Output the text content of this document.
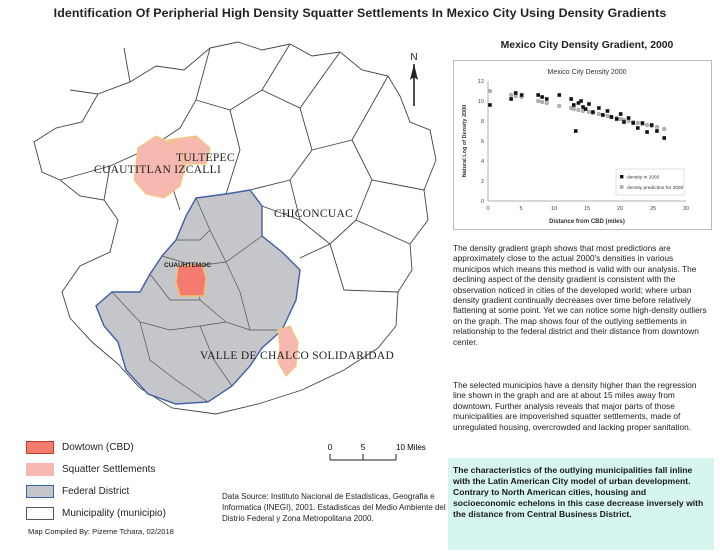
Identification Of Peripherial High Density Squatter Settlements In Mexico City Using Density Gradients
TULTEPEC
CUAUTITLAN IZCALLI
CHICONCUAC
CUAUHTEMOC
VALLE DE CHALCO SOLIDARIDAD
N
0	5	10 Miles
Dowtown (CBD)
Squatter Settlements
Federal District
Municipality (municipio)
Data Source: Instituto Nacional de Estadisticas, Geografia e Informatica (INEGI), 2001. Estadisticas del Medio Ambiente del Distrio Federal y Zona Metropolitana 2000.
Map Compiled By: Pizeme Tchara, 02/2018
Mexico City Density Gradient, 2000
0	5	10	15	20	25	30
0
2
4
6
8
10
12
Mexico City Density 2000
Distance from CBD (miles)
Natural Log of Density 2000
density in 2000
density prediction for 2000
The density gradient graph shows that most predictions are approximately close to the actual 2000's densities in various municipos which means this method is valid with our analysis. The declining aspect of the density gradient is consistent with the observation noticed in cities of the developed world; where urban density gradient continually decreases over time before relatively flattening at some point. Yet we can notice some high-density outliers on the graph. The map shows four of the outlying settlements in relationship to the federal district and their distance from downtown center.
The selected municipios have a density higher than the regression line shown in the graph and are at about 15 miles away from downtown. Further analysis reveals that major parts of those municipalities are impoverished squatter settlements, made of unregulated housing, overcrowded and lacking proper sanitation.
The characteristics of the outlying municipalities fall inline with the Latin American City model of urban development. Contrary to North American cities, housing and socioeconomic echelons in this case decrease inversely with the distance from Central Business District.
